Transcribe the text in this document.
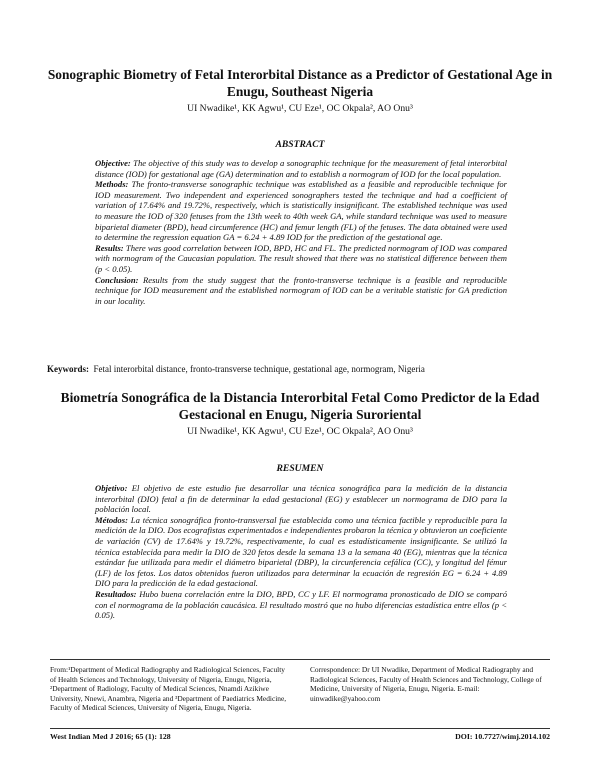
Sonographic Biometry of Fetal Interorbital Distance as a Predictor of Gestational Age in Enugu, Southeast Nigeria
UI Nwadike¹, KK Agwu¹, CU Eze¹, OC Okpala², AO Onu³
ABSTRACT

Objective: The objective of this study was to develop a sonographic technique for the measurement of fetal interorbital distance (IOD) for gestational age (GA) determination and to establish a normogram of IOD for the local population.

Methods: The fronto-transverse sonographic technique was established as a feasible and reproducible technique for IOD measurement. Two independent and experienced sonographers tested the technique and had a coefficient of variation of 17.64% and 19.72%, respectively, which is statistically insignificant. The established technique was used to measure the IOD of 320 fetuses from the 13th week to 40th week GA, while standard technique was used to measure biparietal diameter (BPD), head circumference (HC) and femur length (FL) of the fetuses. The data obtained were used to determine the regression equation GA = 6.24 + 4.89 IOD for the prediction of the gestational age.

Results: There was good correlation between IOD, BPD, HC and FL. The predicted normogram of IOD was compared with normogram of the Caucasian population. The result showed that there was no statistical difference between them (p < 0.05).

Conclusion: Results from the study suggest that the fronto-transverse technique is a feasible and reproducible technique for IOD measurement and the established normogram of IOD can be a veritable statistic for GA prediction in our locality.

Keywords: Fetal interorbital distance, fronto-transverse technique, gestational age, normogram, Nigeria
Biometría Sonográfica de la Distancia Interorbital Fetal Como Predictor de la Edad Gestacional en Enugu, Nigeria Suroriental
UI Nwadike¹, KK Agwu¹, CU Eze¹, OC Okpala², AO Onu³
RESUMEN

Objetivo: El objetivo de este estudio fue desarrollar una técnica sonográfica para la medición de la distancia interorbital (DIO) fetal a fin de determinar la edad gestacional (EG) y establecer un normograma de DIO para la población local.

Métodos: La técnica sonográfica fronto-transversal fue establecida como una técnica factible y reproducible para la medición de la DIO. Dos ecografistas experimentados e independientes probaron la técnica y obtuvieron un coeficiente de variación (CV) de 17.64% y 19.72%, respectivamente, lo cual es estadísticamente insignificante. Se utilizó la técnica establecida para medir la DIO de 320 fetos desde la semana 13 a la semana 40 (EG), mientras que la técnica estándar fue utilizada para medir el diámetro biparietal (DBP), la circunferencia cefálica (CC), y longitud del fémur (LF) de los fetos. Los datos obtenidos fueron utilizados para determinar la ecuación de regresión EG = 6.24 + 4.89 DIO para la predicción de la edad gestacional.

Resultados: Hubo buena correlación entre la DIO, BPD, CC y LF. El normograma pronosticado de DIO se comparó con el normograma de la población caucásica. El resultado mostró que no hubo diferencias estadística entre ellos (p < 0.05).

From:¹Department of Medical Radiography and Radiological Sciences, Faculty of Health Sciences and Technology, University of Nigeria, Enugu, Nigeria, ²Department of Radiology, Faculty of Medical Sciences, Nnamdi Azikiwe University, Nnewi, Anambra, Nigeria and ³Department of Paediatrics Medicine, Faculty of Medical Sciences, University of Nigeria, Enugu, Nigeria.
Correspondence: Dr UI Nwadike, Department of Medical Radiography and Radiological Sciences, Faculty of Health Sciences and Technology, College of Medicine, University of Nigeria, Enugu, Nigeria. E-mail: uinwadike@yahoo.com
West Indian Med J 2016; 65 (1): 128	DOI: 10.7727/wimj.2014.102
